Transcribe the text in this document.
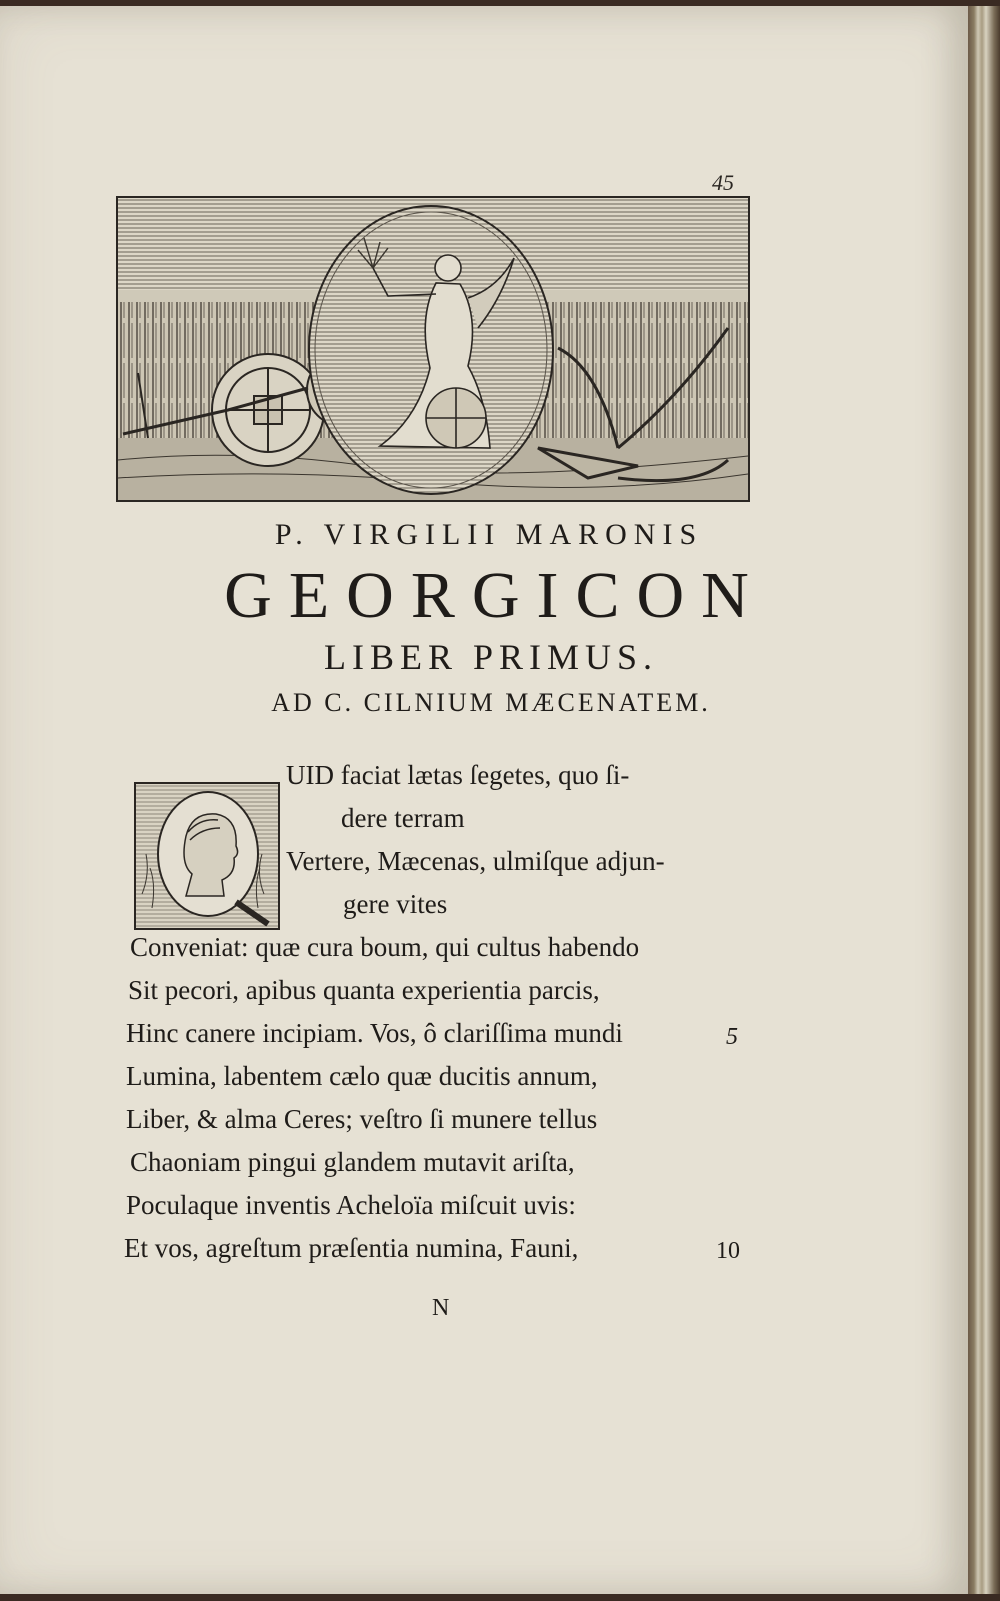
45
P. VIRGILII MARONIS
GEORGICON
LIBER PRIMUS.
AD C. CILNIUM MÆCENATEM.
UID faciat lætas ſegetes, quo ſi-
dere terram
Vertere, Mæcenas, ulmiſque adjun-
gere vites
Conveniat: quæ cura boum, qui cultus habendo
Sit pecori, apibus quanta experientia parcis,
Hinc canere incipiam. Vos, ô clariſſima mundi
Lumina, labentem cælo quæ ducitis annum,
Liber, & alma Ceres; veſtro ſi munere tellus
Chaoniam pingui glandem mutavit ariſta,
Poculaque inventis Acheloïa miſcuit uvis:
Et vos, agreſtum præſentia numina, Fauni,
5
10
N
